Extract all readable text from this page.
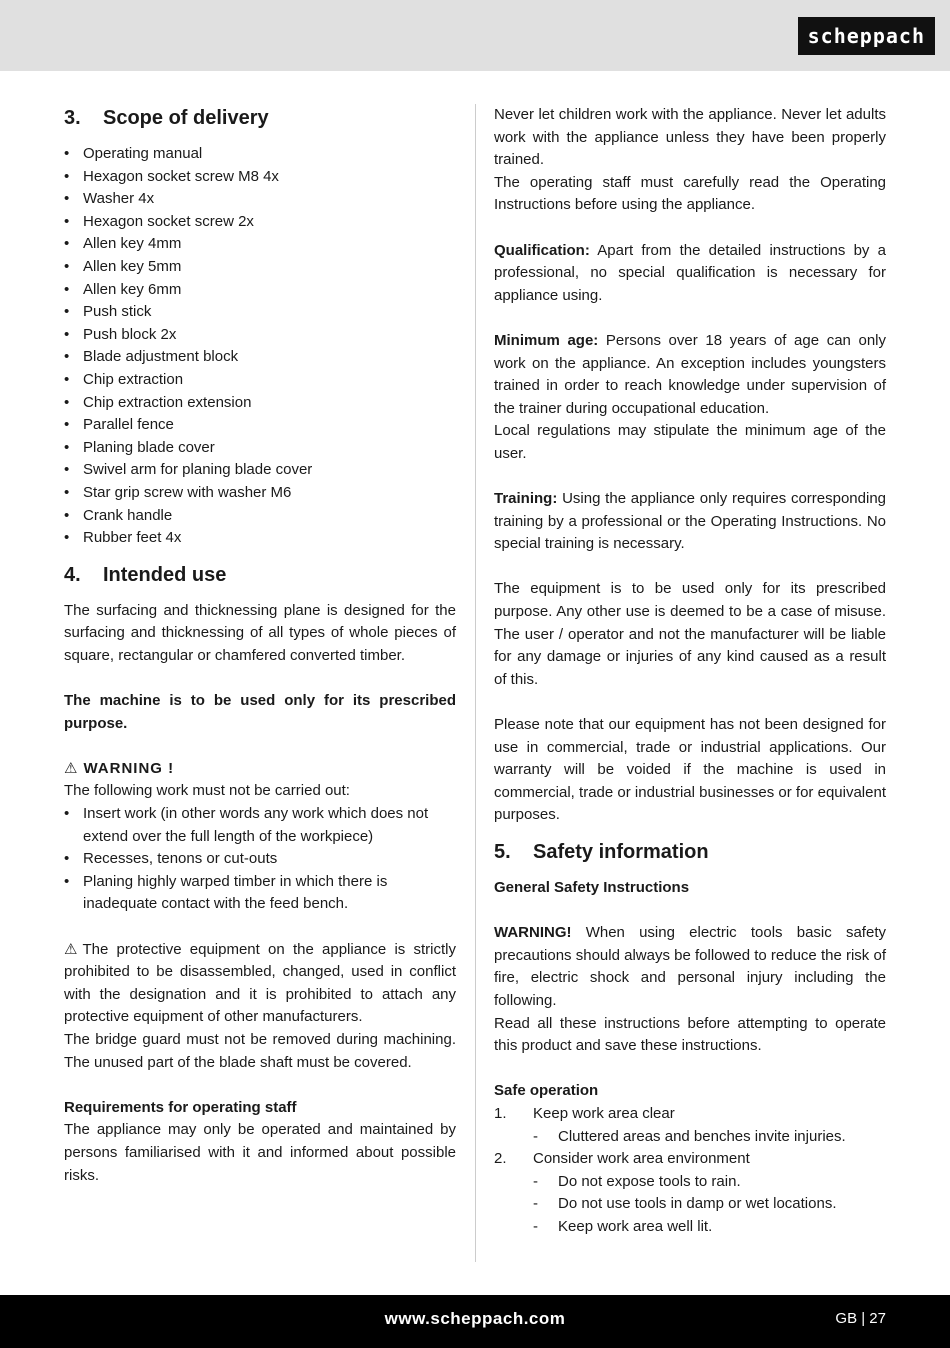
scheppach
3.	Scope of delivery
• Operating manual
• Hexagon socket screw M8 4x
• Washer 4x
• Hexagon socket screw 2x
• Allen key 4mm
• Allen key 5mm
• Allen key 6mm
• Push stick
• Push block 2x
• Blade adjustment block
• Chip extraction
• Chip extraction extension
• Parallel fence
• Planing blade cover
• Swivel arm for planing blade cover
• Star grip screw with washer M6
• Crank handle
• Rubber feet 4x
4.	Intended use

The surfacing and thicknessing plane is designed for the surfacing and thicknessing of all types of whole pieces of square, rectangular or chamfered converted timber.

The machine is to be used only for its prescribed purpose.

⚠ WARNING !

The following work must not be carried out:

• Insert work (in other words any work which does not extend over the full length of the workpiece)
• Recesses, tenons or cut-outs
• Planing highly warped timber in which there is inadequate contact with the feed bench.

⚠ The protective equipment on the appliance is strictly prohibited to be disassembled, changed, used in conflict with the designation and it is prohibited to attach any protective equipment of other manufacturers.

The bridge guard must not be removed during machining. The unused part of the blade shaft must be covered.

Requirements for operating staff

The appliance may only be operated and maintained by persons familiarised with it and informed about possible risks.

Never let children work with the appliance. Never let adults work with the appliance unless they have been properly trained.

The operating staff must carefully read the Operating Instructions before using the appliance.

Qualification: Apart from the detailed instructions by a professional, no special qualification is necessary for appliance using.

Minimum age: Persons over 18 years of age can only work on the appliance. An exception includes youngsters trained in order to reach knowledge under supervision of the trainer during occupational education.

Local regulations may stipulate the minimum age of the user.

Training: Using the appliance only requires corresponding training by a professional or the Operating Instructions. No special training is necessary.

The equipment is to be used only for its prescribed purpose. Any other use is deemed to be a case of misuse. The user / operator and not the manufacturer will be liable for any damage or injuries of any kind caused as a result of this.

Please note that our equipment has not been designed for use in commercial, trade or industrial applications. Our warranty will be voided if the machine is used in commercial, trade or industrial businesses or for equivalent purposes.

5.	Safety information

General Safety Instructions

WARNING! When using electric tools basic safety precautions should always be followed to reduce the risk of fire, electric shock and personal injury including the following.

Read all these instructions before attempting to operate this product and save these instructions.

Safe operation

1.	Keep work area clear
-	Cluttered areas and benches invite injuries.
2.	Consider work area environment
-	Do not expose tools to rain.
-	Do not use tools in damp or wet locations.
-	Keep work area well lit.
www.scheppach.com	GB | 27
